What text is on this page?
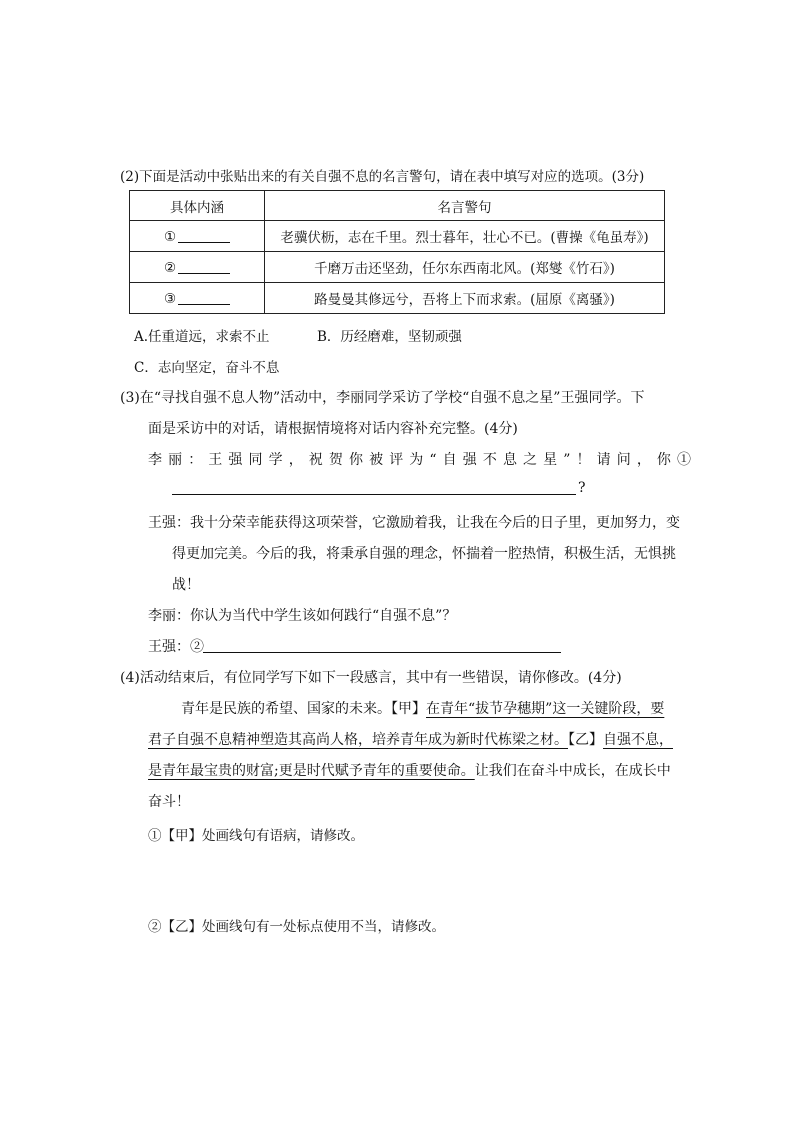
(2)下面是活动中张贴出来的有关自强不息的名言警句，请在表中填写对应的选项。(3分)
具体内涵	名言警句
①	老骥伏枥，志在千里。烈士暮年，壮心不已。(曹操《龟虽寿》)
②	千磨万击还坚劲，任尔东西南北风。(郑燮《竹石》)
③	路曼曼其修远兮，吾将上下而求索。(屈原《离骚》)
A.任重道远，求索不止	B．历经磨难，坚韧顽强
C．志向坚定，奋斗不息
(3)在“寻找自强不息人物”活动中，李丽同学采访了学校“自强不息之星”王强同学。下
面是采访中的对话，请根据情境将对话内容补充完整。(4分)
李丽：王强同学，祝贺你被评为“自强不息之星”！请问，你①
?
王强：我十分荣幸能获得这项荣誉，它激励着我，让我在今后的日子里，更加努力，变
得更加完美。今后的我，将秉承自强的理念，怀揣着一腔热情，积极生活，无惧挑
战！
李丽：你认为当代中学生该如何践行“自强不息”？
王强：②
(4)活动结束后，有位同学写下如下一段感言，其中有一些错误，请你修改。(4分)
青年是民族的希望、国家的未来。【甲】在青年“拔节孕穗期”这一关键阶段，要
君子自强不息精神塑造其高尚人格，培养青年成为新时代栋梁之材。【乙】自强不息，
是青年最宝贵的财富;更是时代赋予青年的重要使命。让我们在奋斗中成长，在成长中
奋斗！
①【甲】处画线句有语病，请修改。
②【乙】处画线句有一处标点使用不当，请修改。
